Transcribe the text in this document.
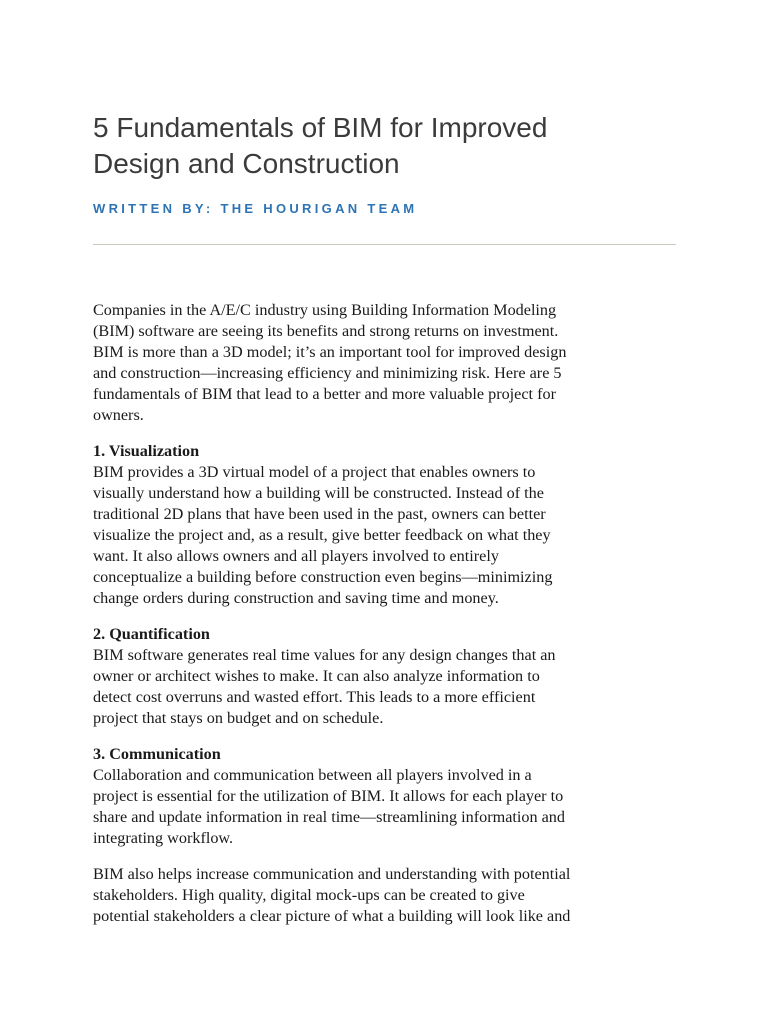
5 Fundamentals of BIM for Improved
Design and Construction

WRITTEN BY: THE HOURIGAN TEAM

Companies in the A/E/C industry using Building Information Modeling
(BIM) software are seeing its benefits and strong returns on investment.
BIM is more than a 3D model; it’s an important tool for improved design
and construction—increasing efficiency and minimizing risk. Here are 5
fundamentals of BIM that lead to a better and more valuable project for
owners.

1. Visualization
BIM provides a 3D virtual model of a project that enables owners to
visually understand how a building will be constructed. Instead of the
traditional 2D plans that have been used in the past, owners can better
visualize the project and, as a result, give better feedback on what they
want. It also allows owners and all players involved to entirely
conceptualize a building before construction even begins—minimizing
change orders during construction and saving time and money.

2. Quantification
BIM software generates real time values for any design changes that an
owner or architect wishes to make. It can also analyze information to
detect cost overruns and wasted effort. This leads to a more efficient
project that stays on budget and on schedule.

3. Communication
Collaboration and communication between all players involved in a
project is essential for the utilization of BIM. It allows for each player to
share and update information in real time—streamlining information and
integrating workflow.

BIM also helps increase communication and understanding with potential
stakeholders. High quality, digital mock-ups can be created to give
potential stakeholders a clear picture of what a building will look like and
